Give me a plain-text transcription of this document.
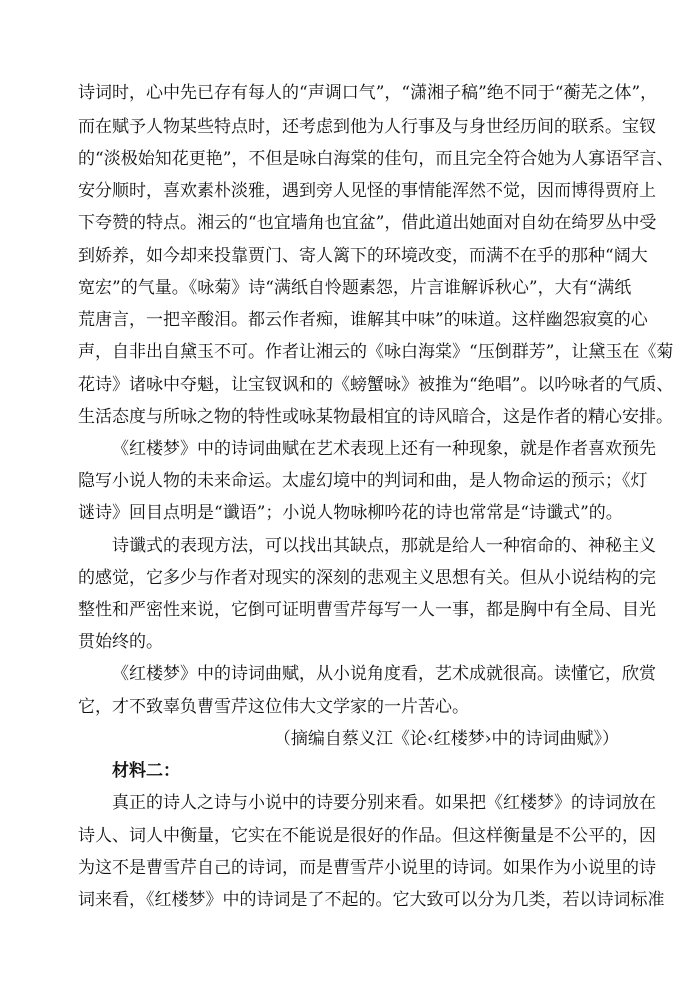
诗词时，心中先已存有每人的“声调口气”，“潇湘子稿”绝不同于“蘅芜之体”，
而在赋予人物某些特点时，还考虑到他为人行事及与身世经历间的联系。宝钗
的“淡极始知花更艳”，不但是咏白海棠的佳句，而且完全符合她为人寡语罕言、
安分顺时，喜欢素朴淡雅，遇到旁人见怪的事情能浑然不觉，因而博得贾府上
下夸赞的特点。湘云的“也宜墙角也宜盆”，借此道出她面对自幼在绮罗丛中受
到娇养，如今却来投靠贾门、寄人篱下的环境改变，而满不在乎的那种“阔大
宽宏”的气量。《咏菊》诗“满纸自怜题素怨，片言谁解诉秋心”，大有“满纸
荒唐言，一把辛酸泪。都云作者痴，谁解其中味”的味道。这样幽怨寂寞的心
声，自非出自黛玉不可。作者让湘云的《咏白海棠》“压倒群芳”，让黛玉在《菊
花诗》诸咏中夺魁，让宝钗讽和的《螃蟹咏》被推为“绝唱”。以吟咏者的气质、
生活态度与所咏之物的特性或咏某物最相宜的诗风暗合，这是作者的精心安排。
《红楼梦》中的诗词曲赋在艺术表现上还有一种现象，就是作者喜欢预先
隐写小说人物的未来命运。太虚幻境中的判词和曲，是人物命运的预示；《灯
谜诗》回目点明是“谶语”；小说人物咏柳吟花的诗也常常是“诗谶式”的。
诗谶式的表现方法，可以找出其缺点，那就是给人一种宿命的、神秘主义
的感觉，它多少与作者对现实的深刻的悲观主义思想有关。但从小说结构的完
整性和严密性来说，它倒可证明曹雪芹每写一人一事，都是胸中有全局、目光
贯始终的。
《红楼梦》中的诗词曲赋，从小说角度看，艺术成就很高。读懂它，欣赏
它，才不致辜负曹雪芹这位伟大文学家的一片苦心。
（摘编自蔡义江《论‹红楼梦›中的诗词曲赋》）
材料二：
真正的诗人之诗与小说中的诗要分别来看。如果把《红楼梦》的诗词放在
诗人、词人中衡量，它实在不能说是很好的作品。但这样衡量是不公平的，因
为这不是曹雪芹自己的诗词，而是曹雪芹小说里的诗词。如果作为小说里的诗
词来看，《红楼梦》中的诗词是了不起的。它大致可以分为几类，若以诗词标准
